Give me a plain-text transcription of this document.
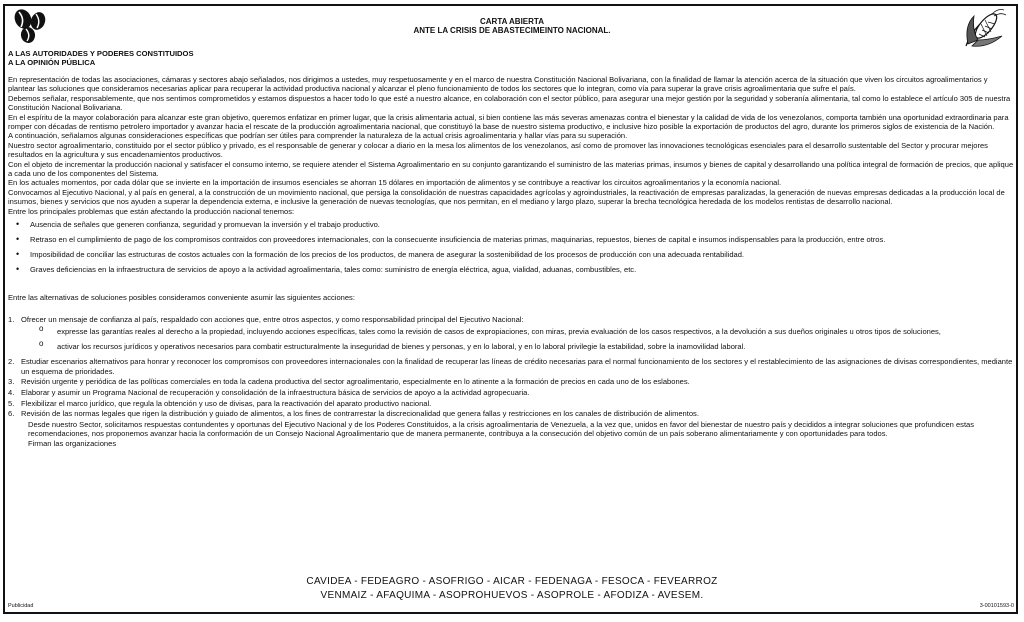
CARTA ABIERTA
ANTE LA CRISIS DE ABASTECIMEINTO NACIONAL.
A LAS AUTORIDADES Y PODERES CONSTITUIDOS
A LA OPINIÓN PÚBLICA

En representación de todas las asociaciones, cámaras y sectores abajo señalados, nos dirigimos a ustedes, muy respetuosamente y en el marco de nuestra Constitución Nacional Bolivariana, con la finalidad de llamar la atención acerca de la situación que viven los circuitos agroalimentarios y plantear las soluciones que consideramos necesarias aplicar para recuperar la actividad productiva nacional y alcanzar el pleno funcionamiento de todos los sectores que lo integran, como vía para superar la grave crisis agroalimentaria que sufre el país.

Debemos señalar, responsablemente, que nos sentimos comprometidos y estamos dispuestos a hacer todo lo que esté a nuestro alcance, en colaboración con el sector público, para asegurar una mejor gestión por la seguridad y soberanía alimentaria, tal como lo establece el artículo 305 de nuestra Constitución Nacional Bolivariana.

En el espíritu de la mayor colaboración para alcanzar este gran objetivo, queremos enfatizar en primer lugar, que la crisis alimentaria actual, si bien contiene las más severas amenazas contra el bienestar y la calidad de vida de los venezolanos, comporta también una oportunidad extraordinaria para romper con décadas de rentismo petrolero importador y avanzar hacia el rescate de la producción agroalimentaria nacional, que constituyó la base de nuestro sistema productivo, e inclusive hizo posible la exportación de productos del agro, durante los primeros siglos de existencia de la Nación.

A continuación, señalamos algunas consideraciones específicas que podrían ser útiles para comprender la naturaleza de la actual crisis agroalimentaria y hallar vías para su superación.

Nuestro sector agroalimentario, constituido por el sector público y privado, es el responsable de generar y colocar a diario en la mesa los alimentos de los venezolanos, así como de promover las innovaciones tecnológicas esenciales para el desarrollo sustentable del Sector y procurar mejores resultados en la agricultura y sus encadenamientos productivos.

Con el objeto de incrementar la producción nacional y satisfacer el consumo interno, se requiere atender el Sistema Agroalimentario en su conjunto garantizando el suministro de las materias primas, insumos y bienes de capital y desarrollando una política integral de formación de precios, que aplique a cada uno de los componentes del Sistema.

En los actuales momentos, por cada dólar que se invierte en la importación de insumos esenciales se ahorran 15 dólares en importación de alimentos y se contribuye a reactivar los circuitos agroalimentarios y la economía nacional.

Convocamos al Ejecutivo Nacional, y al país en general, a la construcción de un movimiento nacional, que persiga la consolidación de nuestras capacidades agrícolas y agroindustriales, la reactivación de empresas paralizadas, la generación de nuevas empresas dedicadas a la producción local de insumos, bienes y servicios que nos ayuden a superar la dependencia externa, e inclusive la generación de nuevas tecnologías, que nos permitan, en el mediano y largo plazo, superar la brecha tecnológica heredada de los modelos rentistas de desarrollo nacional.

Entre los principales problemas que están afectando la producción nacional tenemos:

• Ausencia de señales que generen confianza, seguridad y promuevan la inversión y el trabajo productivo.
• Retraso en el cumplimiento de pago de los compromisos contraidos con proveedores internacionales, con la consecuente insuficiencia de materias primas, maquinarias, repuestos, bienes de capital e insumos indispensables para la producción, entre otros.
• Imposibilidad de conciliar las estructuras de costos actuales con la formación de los precios de los productos, de manera de asegurar la sostenibilidad de los procesos de producción con una adecuada rentabilidad.
• Graves deficiencias en la infraestructura de servicios de apoyo a la actividad agroalimentaria, tales como: suministro de energía eléctrica, agua, vialidad, aduanas, combustibles, etc.

Entre las alternativas de soluciones posibles consideramos conveniente asumir las siguientes acciones:

1. Ofrecer un mensaje de confianza al país, respaldado con acciones que, entre otros aspectos, y como responsabilidad principal del Ejecutivo Nacional:
o expresse las garantías reales al derecho a la propiedad, incluyendo acciones específicas, tales como la revisión de casos de expropiaciones, con miras, previa evaluación de los casos respectivos, a la devolución a sus dueños originales u otros tipos de soluciones,
o activar los recursos jurídicos y operativos necesarios para combatir estructuralmente la inseguridad de bienes y personas, y en lo laboral, y en lo laboral privilegie la estabilidad, sobre la inamovilidad laboral.
2. Estudiar escenarios alternativos para honrar y reconocer los compromisos con proveedores internacionales con la finalidad de recuperar las líneas de crédito necesarias para el normal funcionamiento de los sectores y el restablecimiento de las asignaciones de divisas correspondientes, mediante un esquema de prioridades.
3. Revisión urgente y periódica de las políticas comerciales en toda la cadena productiva del sector agroalimentario, especialmente en lo atinente a la formación de precios en cada uno de los eslabones.
4. Elaborar y asumir un Programa Nacional de recuperación y consolidación de la infraestructura básica de servicios de apoyo a la actividad agropecuaria.
5. Flexibilizar el marco jurídico, que regula la obtención y uso de divisas, para la reactivación del aparato productivo nacional.
6. Revisión de las normas legales que rigen la distribución y guiado de alimentos, a los fines de contrarrestar la discrecionalidad que genera fallas y restricciones en los canales de distribución de alimentos.

Desde nuestro Sector, solicitamos respuestas contundentes y oportunas del Ejecutivo Nacional y de los Poderes Constituidos, a la crisis agroalimentaria de Venezuela, a la vez que, unidos en favor del bienestar de nuestro país y decididos a integrar soluciones que profundicen estas recomendaciones, nos proponemos avanzar hacia la conformación de un Consejo Nacional Agroalimentario que de manera permanente, contribuya a la consecución del objetivo común de un país soberano alimentariamente y con oportunidades para todos.

Firman las organizaciones

CAVIDEA - FEDEAGRO - ASOFRIGO - AICAR - FEDENAGA - FESOCA - FEVEARROZ
VENMAIZ - AFAQUIMA - ASOPROHUEVOS - ASOPROLE - AFODIZA - AVESEM.
Publicidad	3-00101593-0
